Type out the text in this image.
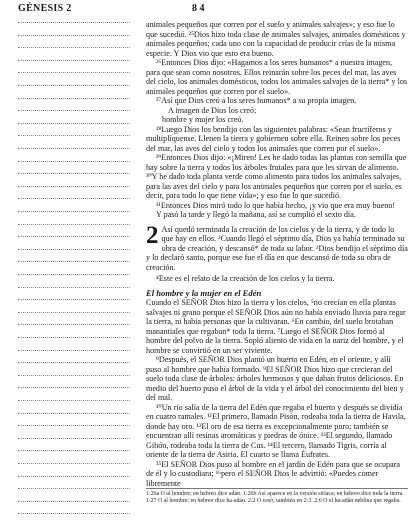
GÉNESIS 2	8 4

animales pequeños que corren por el suelo y animales salvajes»; y eso fue lo que sucedió. ²⁵Dios hizo toda clase de animales salvajes, animales domésticos y animales pequeños; cada uno con la capacidad de producir crías de la misma especie. Y Dios vio que esto era bueno.

²⁶Entonces Dios dijo: «Hagamos a los seres humanos* a nuestra imagen, para que sean como nosotros. Ellos reinarán sobre los peces del mar, las aves del cielo, los animales domésticos, todos los animales salvajes de la tierra* y los animales pequeños que corren por el suelo».

²⁷Así que Dios creó a los seres humanos* a su propia imagen.

A imagen de Dios los creó;

hombre y mujer los creó.

²⁸Luego Dios los bendijo con las siguientes palabras: «Sean fructíferos y multiplíquense. Llenen la tierra y gobiernen sobre ella. Reinen sobre los peces del mar, las aves del cielo y todos los animales que corren por el suelo».

²⁹Entonces Dios dijo: «¡Miren! Les he dado todas las plantas con semilla que hay sobre la tierra y todos los árboles frutales para que les sirvan de alimento. ³⁰Y he dado toda planta verde como alimento para todos los animales salvajes, para las aves del cielo y para los animales pequeños que corren por el suelo, es decir, para todo lo que tiene vida»; y eso fue lo que sucedió.

³¹Entonces Dios miró todo lo que había hecho, ¡y vio que era muy bueno!

Y pasó la tarde y llegó la mañana, así se cumplió el sexto día.

2 Así quedó terminada la creación de los cielos y de la tierra, y de todo lo que hay en ellos. ²Cuando llegó el séptimo día, Dios ya había terminado su obra de creación, y descansó* de toda su labor. ³Dios bendijo el séptimo día y lo declaró santo, porque ese fue el día en que descansó de toda su obra de creación.

⁴Este es el relato de la creación de los cielos y la tierra.

El hombre y la mujer en el Edén

Cuando el SEÑOR Dios hizo la tierra y los cielos, ⁵no crecían en ella plantas salvajes ni grano porque el SEÑOR Dios aún no había enviado lluvia para regar la tierra, ni había personas que la cultivaran. ⁶En cambio, del suelo brotaban manantiales que regaban* toda la tierra. ⁷Luego el SEÑOR Dios formó al hombre del polvo de la tierra. Sopló aliento de vida en la nariz del hombre, y el hombre se convirtió en un ser viviente.

⁸Después, el SEÑOR Dios plantó un huerto en Edén, en el oriente, y allí puso al hombre que había formado. ⁹El SEÑOR Dios hizo que crecieran del suelo toda clase de árboles: árboles hermosos y que daban frutos deliciosos. En medio del huerto puso el árbol de la vida y el árbol del conocimiento del bien y del mal.

¹⁰Un río salía de la tierra del Edén que regaba el huerto y después se dividía en cuatro ramales. ¹¹El primero, llamado Pisón, rodeaba toda la tierra de Havila, donde hay oro. ¹²El oro de esa tierra es excepcionalmente puro; también se encuentran allí resinas aromáticas y piedras de ónice. ¹³El segundo, llamado Gihón, rodeaba toda la tierra de Cus. ¹⁴El tercero, llamado Tigris, corría al oriente de la tierra de Asiria. El cuarto se llama Éufrates.

¹⁵El SEÑOR Dios puso al hombre en el jardín de Edén para que se ocupara de él y lo custodiara; ¹⁶pero el SEÑOR Dios le advirtió: «Puedes comer libremente

1:26a O al hombre; en hebreo dice adán. 1:26b Así aparece en la versión siríaca; en hebreo dice toda la tierra. 1:27 O al hombre; en hebreo dice ha-adán. 2:2 O cesó; también en 2:3. 2:6 O el ha-adán neblina que regaba.
